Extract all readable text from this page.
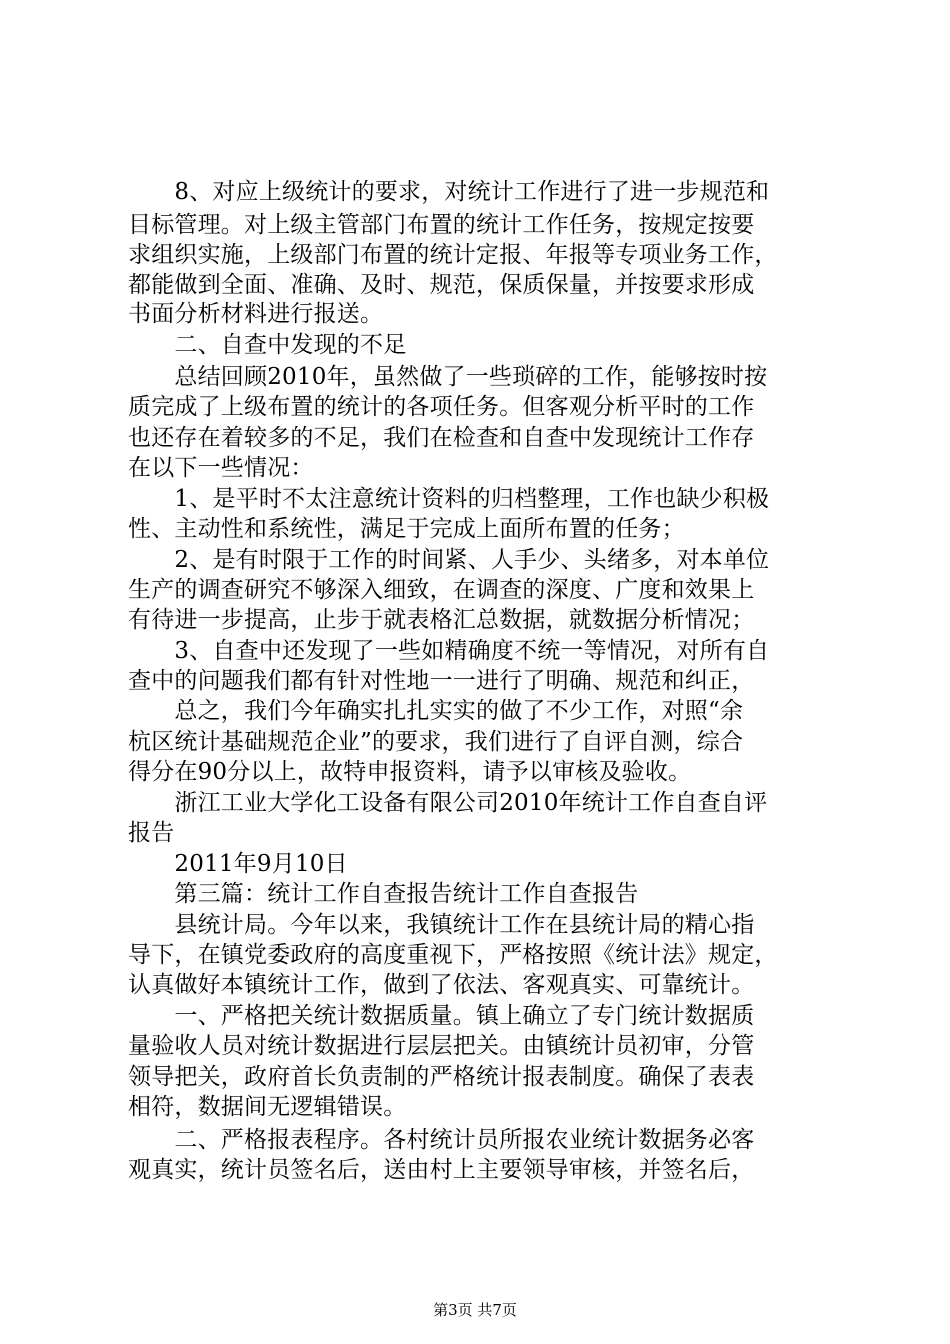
　　8、对应上级统计的要求，对统计工作进行了进一步规范和
目标管理。对上级主管部门布置的统计工作任务，按规定按要
求组织实施，上级部门布置的统计定报、年报等专项业务工作，
都能做到全面、准确、及时、规范，保质保量，并按要求形成
书面分析材料进行报送。
　　二、自查中发现的不足
　　总结回顾2010年，虽然做了一些琐碎的工作，能够按时按
质完成了上级布置的统计的各项任务。但客观分析平时的工作
也还存在着较多的不足，我们在检查和自查中发现统计工作存
在以下一些情况：
　　1、是平时不太注意统计资料的归档整理，工作也缺少积极
性、主动性和系统性，满足于完成上面所布置的任务；
　　2、是有时限于工作的时间紧、人手少、头绪多，对本单位
生产的调查研究不够深入细致，在调查的深度、广度和效果上
有待进一步提高，止步于就表格汇总数据，就数据分析情况；
　　3、自查中还发现了一些如精确度不统一等情况，对所有自
查中的问题我们都有针对性地一一进行了明确、规范和纠正，
　　总之，我们今年确实扎扎实实的做了不少工作，对照“余
杭区统计基础规范企业”的要求，我们进行了自评自测，综合
得分在90分以上，故特申报资料，请予以审核及验收。
　　浙江工业大学化工设备有限公司2010年统计工作自查自评
报告
　　2011年9月10日
　　第三篇：统计工作自查报告统计工作自查报告
　　县统计局。今年以来，我镇统计工作在县统计局的精心指
导下，在镇党委政府的高度重视下，严格按照《统计法》规定，
认真做好本镇统计工作，做到了依法、客观真实、可靠统计。
　　一、严格把关统计数据质量。镇上确立了专门统计数据质
量验收人员对统计数据进行层层把关。由镇统计员初审，分管
领导把关，政府首长负责制的严格统计报表制度。确保了表表
相符，数据间无逻辑错误。
　　二、严格报表程序。各村统计员所报农业统计数据务必客
观真实，统计员签名后，送由村上主要领导审核，并签名后，
第3页 共7页
